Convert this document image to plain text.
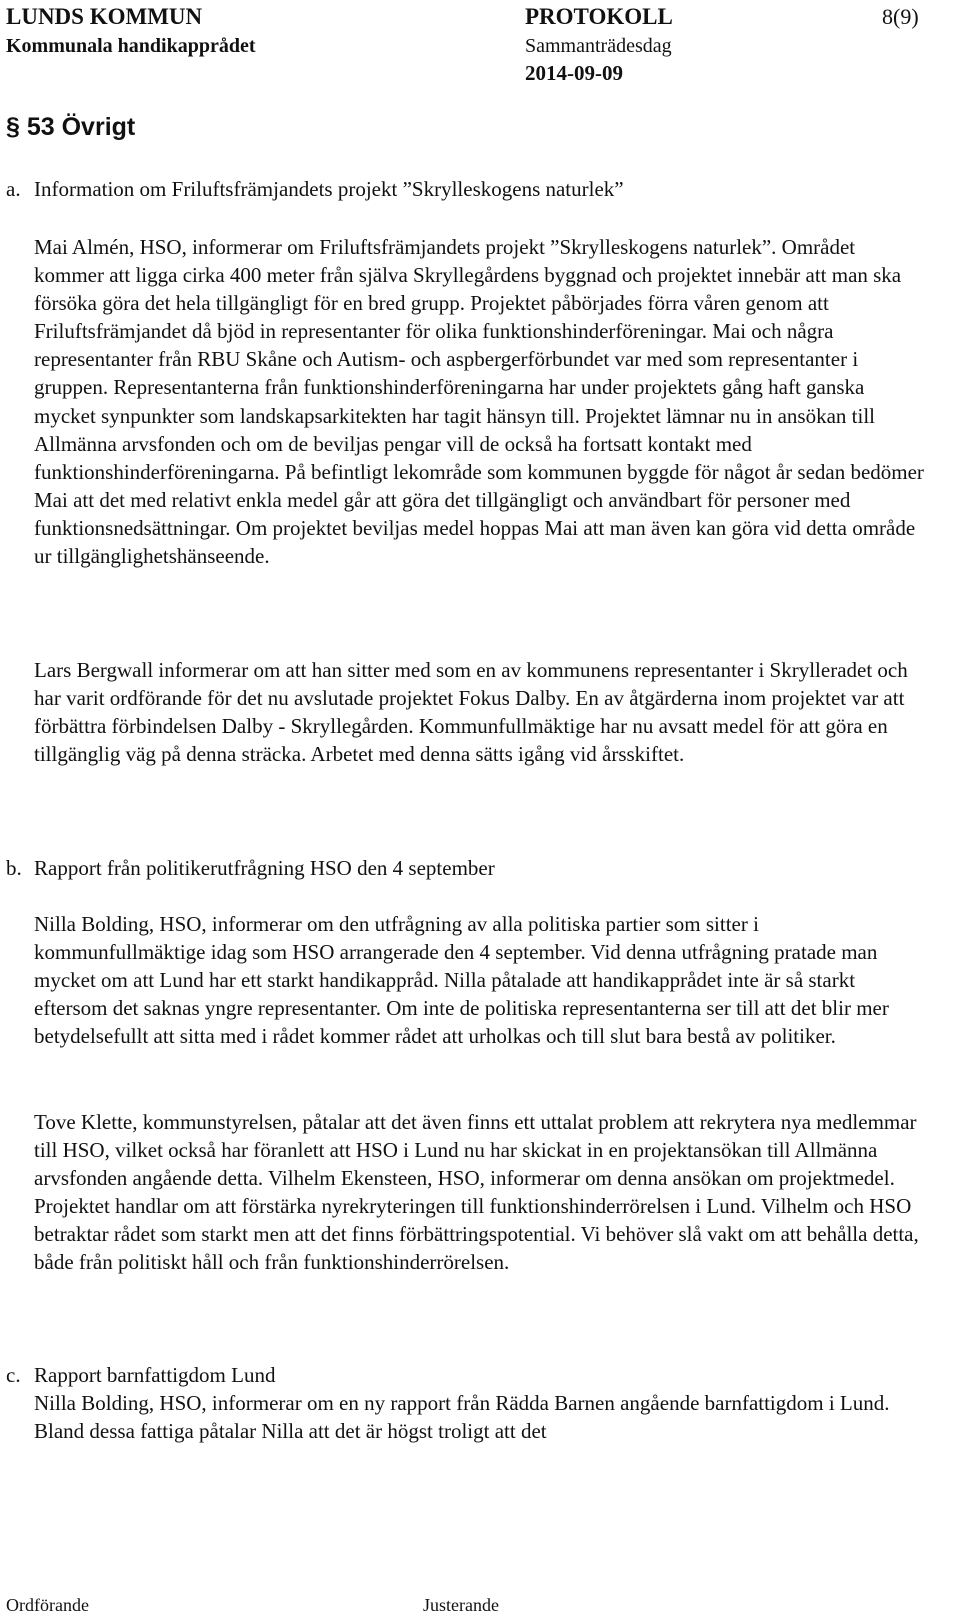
LUNDS KOMMUN
Kommunala handikapprådet
PROTOKOLL
Sammanträdesdag
2014-09-09
8(9)
§ 53 Övrigt
a. Information om Friluftsfrämjandets projekt ”Skrylleskogens naturlek”
Mai Almén, HSO, informerar om Friluftsfrämjandets projekt ”Skrylleskogens naturlek”. Området kommer att ligga cirka 400 meter från själva Skryllegårdens byggnad och projektet innebär att man ska försöka göra det hela tillgängligt för en bred grupp. Projektet påbörjades förra våren genom att Friluftsfrämjandet då bjöd in representanter för olika funktionshinderföreningar. Mai och några representanter från RBU Skåne och Autism- och aspbergerförbundet var med som representanter i gruppen. Representanterna från funktionshinderföreningarna har under projektets gång haft ganska mycket synpunkter som landskapsarkitekten har tagit hänsyn till. Projektet lämnar nu in ansökan till Allmänna arvsfonden och om de beviljas pengar vill de också ha fortsatt kontakt med funktionshinderföreningarna. På befintligt lekområde som kommunen byggde för något år sedan bedömer Mai att det med relativt enkla medel går att göra det tillgängligt och användbart för personer med funktionsnedsättningar. Om projektet beviljas medel hoppas Mai att man även kan göra vid detta område ur tillgänglighetshänseende.
Lars Bergwall informerar om att han sitter med som en av kommunens representanter i Skrylleradet och har varit ordförande för det nu avslutade projektet Fokus Dalby. En av åtgärderna inom projektet var att förbättra förbindelsen Dalby - Skryllegården. Kommunfullmäktige har nu avsatt medel för att göra en tillgänglig väg på denna sträcka. Arbetet med denna sätts igång vid årsskiftet.
b. Rapport från politikerutfrågning HSO den 4 september
Nilla Bolding, HSO, informerar om den utfrågning av alla politiska partier som sitter i kommunfullmäktige idag som HSO arrangerade den 4 september. Vid denna utfrågning pratade man mycket om att Lund har ett starkt handikappråd. Nilla påtalade att handikapprådet inte är så starkt eftersom det saknas yngre representanter. Om inte de politiska representanterna ser till att det blir mer betydelsefullt att sitta med i rådet kommer rådet att urholkas och till slut bara bestå av politiker.
Tove Klette, kommunstyrelsen, påtalar att det även finns ett uttalat problem att rekrytera nya medlemmar till HSO, vilket också har föranlett att HSO i Lund nu har skickat in en projektansökan till Allmänna arvsfonden angående detta. Vilhelm Ekensteen, HSO, informerar om denna ansökan om projektmedel. Projektet handlar om att förstärka nyrekryteringen till funktionshinderrörelsen i Lund. Vilhelm och HSO betraktar rådet som starkt men att det finns förbättringspotential. Vi behöver slå vakt om att behålla detta, både från politiskt håll och från funktionshinderrörelsen.
c. Rapport barnfattigdom Lund
Nilla Bolding, HSO, informerar om en ny rapport från Rädda Barnen angående barnfattigdom i Lund. Bland dessa fattiga påtalar Nilla att det är högst troligt att det
Ordförande	Justerande
